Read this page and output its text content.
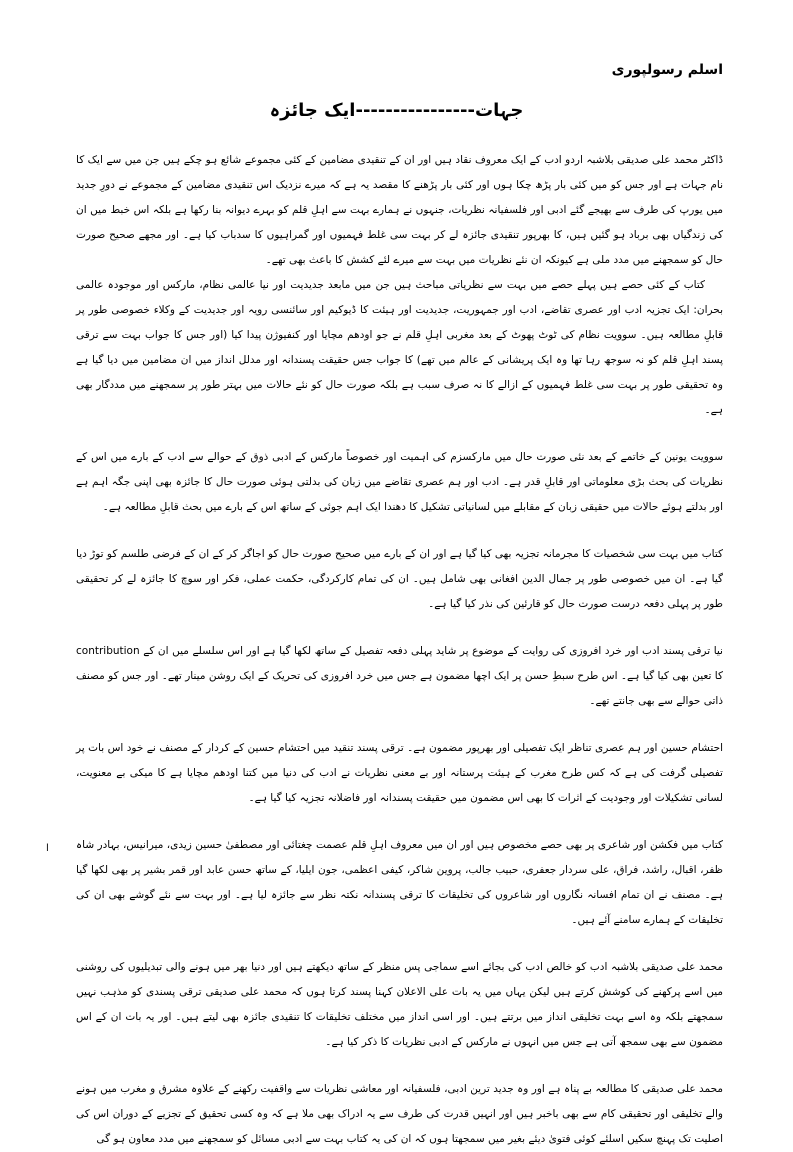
اسلم رسولپوری
جہات----------------ایک جائزہ

ڈاکٹر محمد علی صدیقی بلاشبہ اردو ادب کے ایک معروف نقاد ہیں اور ان کے تنقیدی مضامین کے کئی مجموعے شائع ہو چکے ہیں جن میں سے ایک کا نام جہات ہے اور جس کو میں کئی بار پڑھ چکا ہوں اور کئی بار پڑھنے کا مقصد یہ ہے کہ میرے نزدیک اس تنقیدی مضامین کے مجموعے نے دورِ جدید میں یورپ کی طرف سے بھیجے گئے ادبی اور فلسفیانہ نظریات، جنہوں نے ہمارے بہت سے اہلِ قلم کو بہرے دیوانہ بنا رکھا ہے بلکہ اس خبط میں ان کی زندگیاں بھی برباد ہو گئیں ہیں، کا بھرپور تنقیدی جائزہ لے کر بہت سی غلط فہمیوں اور گمراہیوں کا سدباب کیا ہے۔ اور مجھے صحیح صورت حال کو سمجھنے میں مدد ملی ہے کیونکہ ان نئے نظریات میں بہت سے میرے لئے کشش کا باعث بھی تھے۔

کتاب کے کئی حصے ہیں پہلے حصے میں بہت سے نظریاتی مباحث ہیں جن میں مابعد جدیدیت اور نیا عالمی نظام، مارکس اور موجودہ عالمی بحران: ایک تجزیہ ادب اور عصری تقاضے، ادب اور جمہوریت، جدیدیت اور ہیئت کا ڈیوکیم اور سائنسی رویہ اور جدیدیت کے وکلاء خصوصی طور پر قابلِ مطالعہ ہیں۔ سوویت نظام کی ٹوٹ پھوٹ کے بعد مغربی اہلِ قلم نے جو اودھم مچایا اور کنفیوژن پیدا کیا (اور جس کا جواب بہت سے ترقی پسند اہلِ قلم کو نہ سوجھ رہا تھا وہ ایک پریشانی کے عالم میں تھے) کا جواب جس حقیقت پسندانہ اور مدلل انداز میں ان مضامین میں دیا گیا ہے وہ تحقیقی طور پر بہت سی غلط فہمیوں کے ازالے کا نہ صرف سبب ہے بلکہ صورت حال کو نئے حالات میں بہتر طور پر سمجھنے میں مددگار بھی ہے۔

سوویت یونین کے خاتمے کے بعد نئی صورت حال میں مارکسزم کی اہمیت اور خصوصاً مارکس کے ادبی ذوق کے حوالے سے ادب کے بارے میں اس کے نظریات کی بحث بڑی معلوماتی اور قابلِ قدر ہے۔ ادب اور ہم عصری تقاضے میں زبان کی بدلتی ہوئی صورت حال کا جائزہ بھی اپنی جگہ اہم ہے اور بدلتے ہوئے حالات میں حقیقی زبان کے مقابلے میں لسانیاتی تشکیل کا دھندا ایک اہم جوئی کے ساتھ اس کے بارے میں بحث قابلِ مطالعہ ہے۔

کتاب میں بہت سی شخصیات کا مجرمانہ تجزیہ بھی کیا گیا ہے اور ان کے بارے میں صحیح صورت حال کو اجاگر کر کے ان کے فرضی طلسم کو توڑ دیا گیا ہے۔ ان میں خصوصی طور پر جمال الدین افغانی بھی شامل ہیں۔ ان کی تمام کارکردگی، حکمت عملی، فکر اور سوچ کا جائزہ لے کر تحقیقی طور پر پہلی دفعہ درست صورت حال کو قارئین کی نذر کیا گیا ہے۔

نیا ترقی پسند ادب اور خرد افروزی کی روایت کے موضوع پر شاید پہلی دفعہ تفصیل کے ساتھ لکھا گیا ہے اور اس سلسلے میں ان کے contribution کا تعین بھی کیا گیا ہے۔ اس طرح سبطِ حسن پر ایک اچھا مضمون ہے جس میں خرد افروزی کی تحریک کے ایک روشن مینار تھے۔ اور جس کو مصنف ذاتی حوالے سے بھی جانتے تھے۔

احتشام حسین اور ہم عصری تناظر ایک تفصیلی اور بھرپور مضمون ہے۔ ترقی پسند تنقید میں احتشام حسین کے کردار کے مصنف نے خود اس بات پر تفصیلی گرفت کی ہے کہ کس طرح مغرب کے ہیئت پرستانہ اور بے معنی نظریات نے ادب کی دنیا میں کتنا اودھم مچایا ہے کا میکی بے معنویت، لسانی تشکیلات اور وجودیت کے اثرات کا بھی اس مضمون میں حقیقت پسندانہ اور فاضلانہ تجزیہ کیا گیا ہے۔

کتاب میں فکشن اور شاعری پر بھی حصے مخصوص ہیں اور ان میں معروف اہلِ قلم عصمت چغتائی اور مصطفیٰ حسین زیدی، میرانیس، بہادر شاہ ظفر، اقبال، راشد، فراق، علی سردار جعفری، حبیب جالب، پروین شاکر، کیفی اعظمی، جون ایلیا، کے ساتھ حسن عابد اور قمر بشیر پر بھی لکھا گیا ہے۔ مصنف نے ان تمام افسانہ نگاروں اور شاعروں کی تخلیقات کا ترقی پسندانہ نکتہ نظر سے جائزہ لیا ہے۔ اور بہت سے نئے گوشے بھی ان کی تخلیقات کے ہمارے سامنے آئے ہیں۔

محمد علی صدیقی بلاشبہ ادب کو خالص ادب کی بجائے اسے سماجی پس منظر کے ساتھ دیکھتے ہیں اور دنیا بھر میں ہونے والی تبدیلیوں کی روشنی میں اسے پرکھنے کی کوشش کرتے ہیں لیکن یہاں میں یہ بات علی الاعلان کہنا پسند کرتا ہوں کہ محمد علی صدیقی ترقی پسندی کو مذہب نہیں سمجھتے بلکہ وہ اسے بہت تخلیقی انداز میں برتتے ہیں۔ اور اسی انداز میں مختلف تخلیقات کا تنقیدی جائزہ بھی لیتے ہیں۔ اور یہ بات ان کے اس مضمون سے بھی سمجھ آتی ہے جس میں انہوں نے مارکس کے ادبی نظریات کا ذکر کیا ہے۔

محمد علی صدیقی کا مطالعہ بے پناہ ہے اور وہ جدید ترین ادبی، فلسفیانہ اور معاشی نظریات سے واقفیت رکھنے کے علاوہ مشرق و مغرب میں ہونے والے تخلیقی اور تحقیقی کام سے بھی باخبر ہیں اور انہیں قدرت کی طرف سے یہ ادراک بھی ملا ہے کہ وہ کسی تحقیق کے تجزیے کے دوران اس کی اصلیت تک پہنچ سکیں اسلئے کوئی فتویٰ دیئے بغیر میں سمجھتا ہوں کہ ان کی یہ کتاب بہت سے ادبی مسائل کو سمجھنے میں مدد معاون ہو گی

ا
